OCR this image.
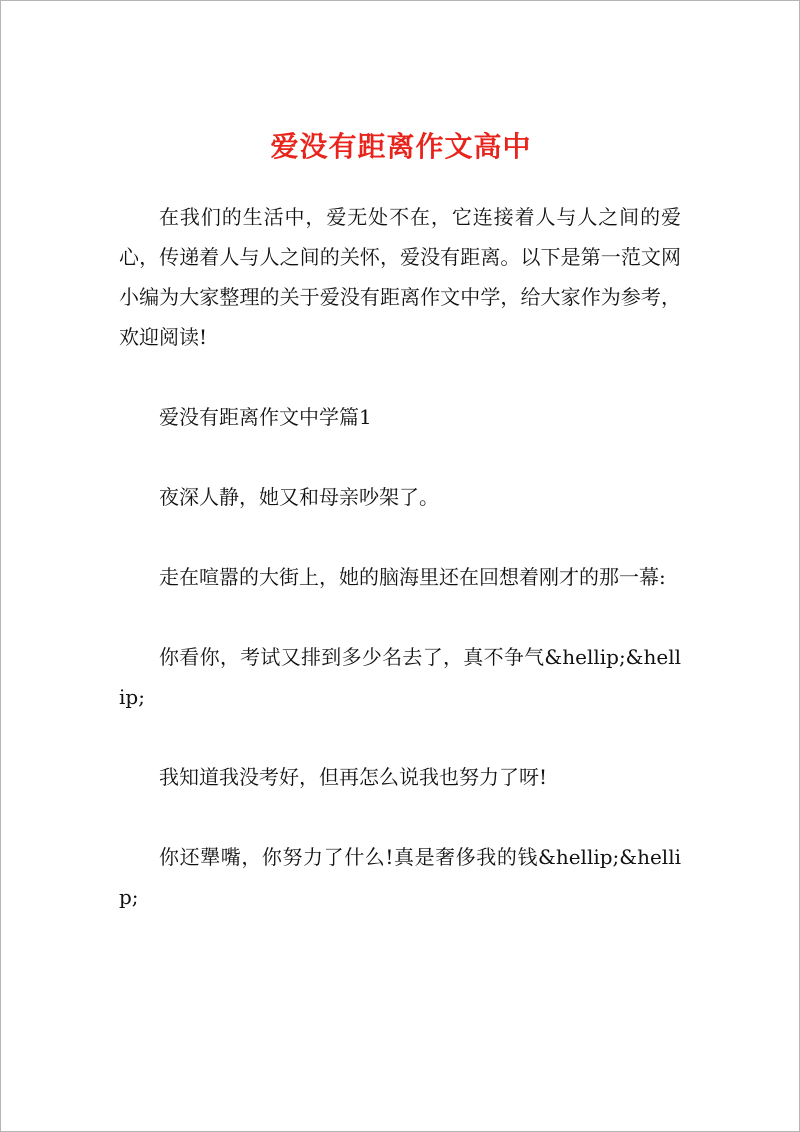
爱没有距离作文高中

在我们的生活中，爱无处不在，它连接着人与人之间的爱心，传递着人与人之间的关怀，爱没有距离。以下是第一范文网小编为大家整理的关于爱没有距离作文中学，给大家作为参考，欢迎阅读!

爱没有距离作文中学篇1

夜深人静，她又和母亲吵架了。

走在喧嚣的大街上，她的脑海里还在回想着刚才的那一幕:

你看你，考试又排到多少名去了，真不争气&hellip;&hellip;

我知道我没考好，但再怎么说我也努力了呀!

你还犟嘴，你努力了什么!真是奢侈我的钱&hellip;&hellip;
